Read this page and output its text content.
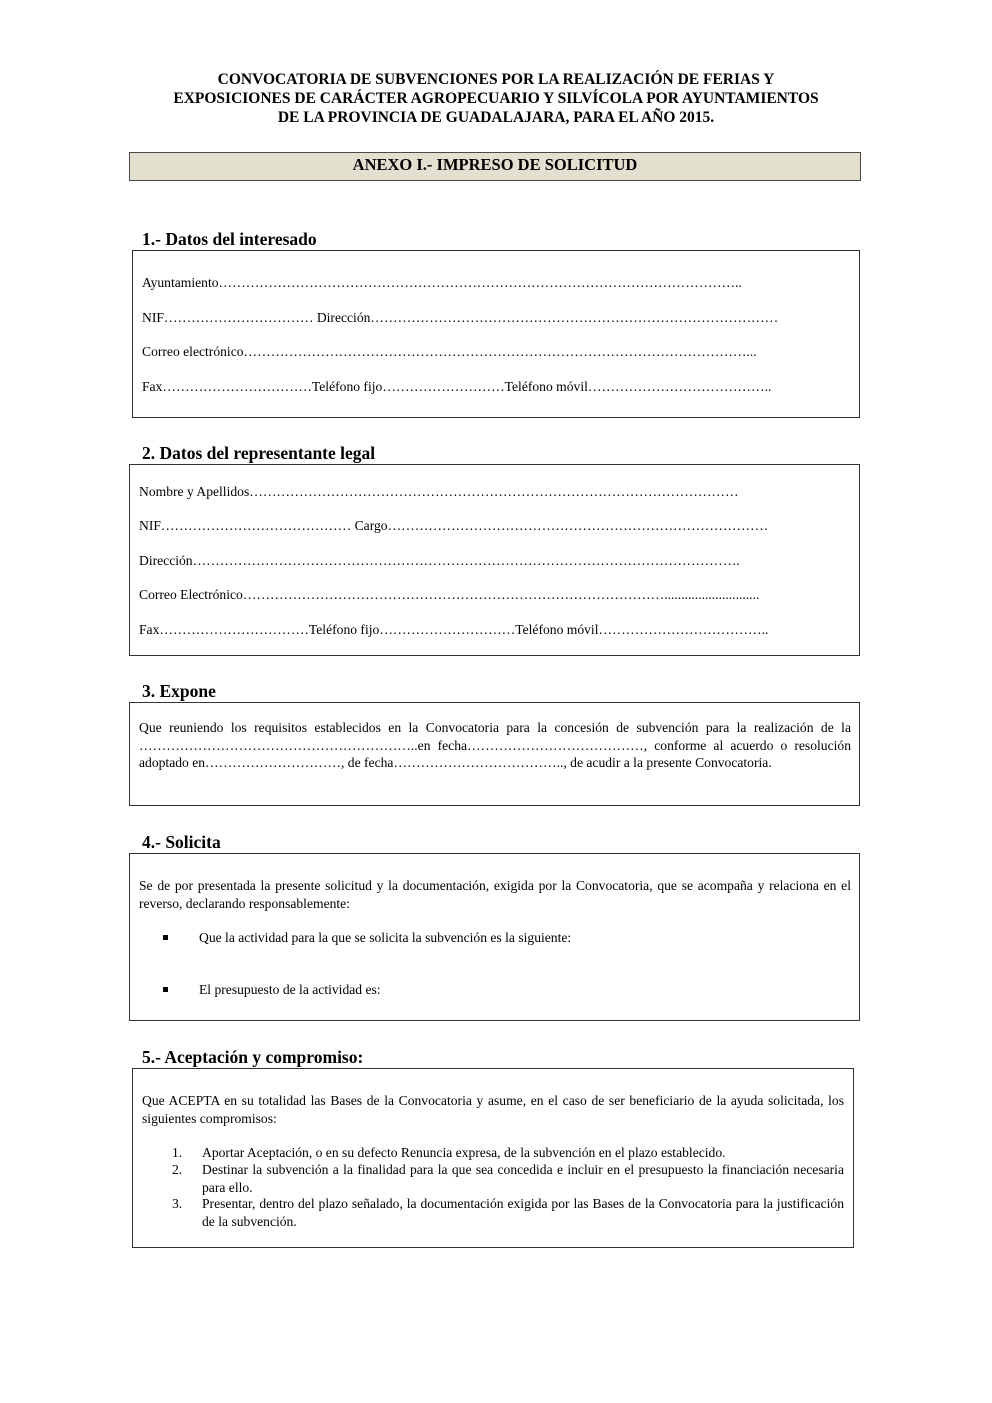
CONVOCATORIA DE SUBVENCIONES POR LA REALIZACIÓN DE FERIAS Y
EXPOSICIONES DE CARÁCTER AGROPECUARIO Y SILVÍCOLA POR AYUNTAMIENTOS
DE LA PROVINCIA DE GUADALAJARA, PARA EL AÑO 2015.
ANEXO I.- IMPRESO DE SOLICITUD
1.- Datos del interesado
Ayuntamiento……………………………………………………………………………………………………..
NIF…………………………… Dirección………………………………………………………………………………
Correo electrónico…………………………………………………………………………………………………...
Fax……………………………Teléfono fijo………………………Teléfono móvil…………………………………..
2. Datos del representante legal
Nombre y Apellidos………………………………………………………………………………………………
NIF…………………………………… Cargo…………………………………………………………………………
Dirección………………………………………………………………………………………………………….
Correo Electrónico…………………………………………………………………………………............................
Fax……………………………Teléfono fijo…………………………Teléfono móvil………………………………..
3. Expone
Que reuniendo los requisitos establecidos en la Convocatoria para la concesión de subvención para la realización de la ……………………………………………………..en fecha…………………………………, conforme al acuerdo o resolución adoptado en…………………………, de fecha……………………………….., de acudir a la presente Convocatoria.
4.- Solicita
Se de por presentada la presente solicitud y la documentación, exigida por la Convocatoria, que se acompaña y relaciona en el reverso, declarando responsablemente:
Que la actividad para la que se solicita la subvención es la siguiente:
El presupuesto de la actividad es:
5.- Aceptación y compromiso:
Que ACEPTA en su totalidad las Bases de la Convocatoria y asume, en el caso de ser beneficiario de la ayuda solicitada, los siguientes compromisos:
1. Aportar Aceptación, o en su defecto Renuncia expresa, de la subvención en el plazo establecido.
2. Destinar la subvención a la finalidad para la que sea concedida e incluir en el presupuesto la financiación necesaria para ello.
3. Presentar, dentro del plazo señalado, la documentación exigida por las Bases de la Convocatoria para la justificación de la subvención.
